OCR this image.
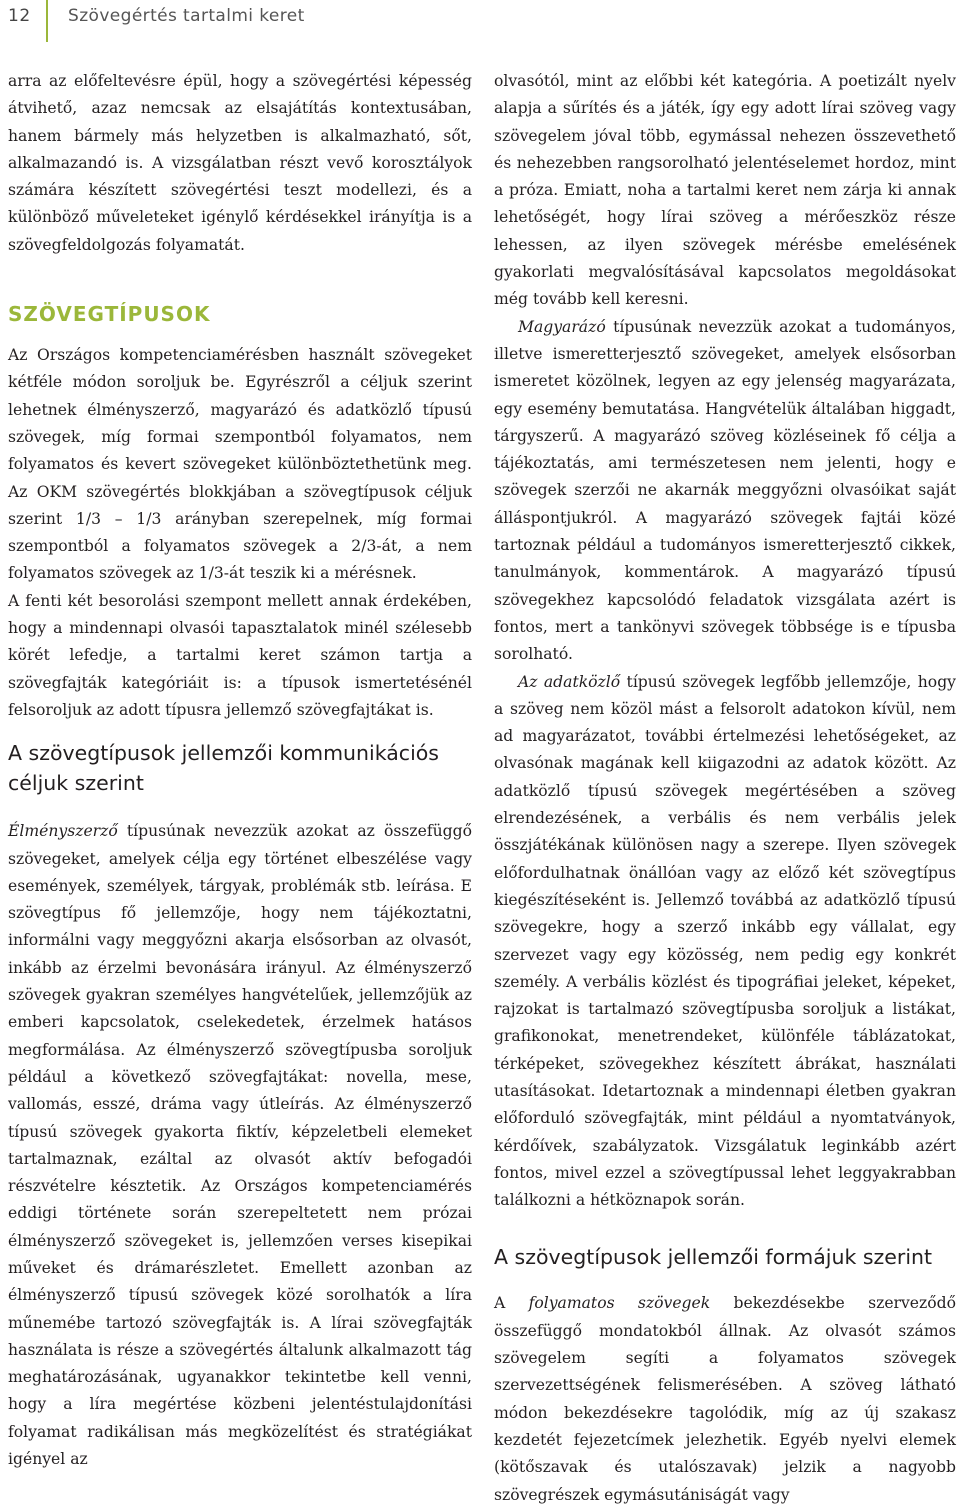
12 Szövegértés tartalmi keret

arra az előfeltevésre épül, hogy a szövegértési képesség átvihető, azaz nemcsak az elsajátítás kontextusában, hanem bármely más helyzetben is alkalmazható, sőt, alkalmazandó is. A vizsgálatban részt vevő korosztályok számára készített szövegértési teszt modellezi, és a különböző műveleteket igénylő kérdésekkel irányítja is a szövegfeldolgozás folyamatát.

SZÖVEGTÍPUSOK

Az Országos kompetenciamérésben használt szövegeket kétféle módon soroljuk be. Egyrészről a céljuk szerint lehetnek élményszerző, magyarázó és adatközlő típusú szövegek, míg formai szempontból folyamatos, nem folyamatos és kevert szövegeket különböztethetünk meg. Az OKM szövegértés blokkjában a szövegtípusok céljuk szerint 1/3 – 1/3 arányban szerepelnek, míg formai szempontból a folyamatos szövegek a 2/3-át, a nem folyamatos szövegek az 1/3-át teszik ki a mérésnek.

A fenti két besorolási szempont mellett annak érdekében, hogy a mindennapi olvasói tapasztalatok minél szélesebb körét lefedje, a tartalmi keret számon tartja a szövegfajták kategóriáit is: a típusok ismertetésénél felsoroljuk az adott típusra jellemző szövegfajtákat is.

A szövegtípusok jellemzői kommunikációs céljuk szerint

Élményszerző típusúnak nevezzük azokat az összefüggő szövegeket, amelyek célja egy történet elbeszélése vagy események, személyek, tárgyak, problémák stb. leírása. E szövegtípus fő jellemzője, hogy nem tájékoztatni, informálni vagy meggyőzni akarja elsősorban az olvasót, inkább az érzelmi bevonására irányul. Az élményszerző szövegek gyakran személyes hangvételűek, jellemzőjük az emberi kapcsolatok, cselekedetek, érzelmek hatásos megformálása. Az élményszerző szövegtípusba soroljuk például a következő szövegfajtákat: novella, mese, vallomás, esszé, dráma vagy útleírás. Az élményszerző típusú szövegek gyakorta fiktív, képzeletbeli elemeket tartalmaznak, ezáltal az olvasót aktív befogadói részvételre késztetik. Az Országos kompetenciamérés eddigi története során szerepeltetett nem prózai élményszerző szövegeket is, jellemzően verses kisepikai műveket és drámarészletet. Emellett azonban az élményszerző típusú szövegek közé sorolhatók a líra műnemébe tartozó szövegfajták is. A lírai szövegfajták használata is része a szövegértés általunk alkalmazott tág meghatározásának, ugyanakkor tekintetbe kell venni, hogy a líra megértése közbeni jelentéstulajdonítási folyamat radikálisan más megközelítést és stratégiákat igényel az

olvasótól, mint az előbbi két kategória. A poetizált nyelv alapja a sűrítés és a játék, így egy adott lírai szöveg vagy szövegelem jóval több, egymással nehezen összevethető és nehezebben rangsorolható jelentéselemet hordoz, mint a próza. Emiatt, noha a tartalmi keret nem zárja ki annak lehetőségét, hogy lírai szöveg a mérőeszköz része lehessen, az ilyen szövegek mérésbe emelésének gyakorlati megvalósításával kapcsolatos megoldásokat még tovább kell keresni.

Magyarázó típusúnak nevezzük azokat a tudományos, illetve ismeretterjesztő szövegeket, amelyek elsősorban ismeretet közölnek, legyen az egy jelenség magyarázata, egy esemény bemutatása. Hangvételük általában higgadt, tárgyszerű. A magyarázó szöveg közléseinek fő célja a tájékoztatás, ami természetesen nem jelenti, hogy e szövegek szerzői ne akarnák meggyőzni olvasóikat saját álláspontjukról. A magyarázó szövegek fajtái közé tartoznak például a tudományos ismeretterjesztő cikkek, tanulmányok, kommentárok. A magyarázó típusú szövegekhez kapcsolódó feladatok vizsgálata azért is fontos, mert a tankönyvi szövegek többsége is e típusba sorolható.

Az adatközlő típusú szövegek legfőbb jellemzője, hogy a szöveg nem közöl mást a felsorolt adatokon kívül, nem ad magyarázatot, további értelmezési lehetőségeket, az olvasónak magának kell kiigazodni az adatok között. Az adatközlő típusú szövegek megértésében a szöveg elrendezésének, a verbális és nem verbális jelek összjátékának különösen nagy a szerepe. Ilyen szövegek előfordulhatnak önállóan vagy az előző két szövegtípus kiegészítéseként is. Jellemző továbbá az adatközlő típusú szövegekre, hogy a szerző inkább egy vállalat, egy szervezet vagy egy közösség, nem pedig egy konkrét személy. A verbális közlést és tipográfiai jeleket, képeket, rajzokat is tartalmazó szövegtípusba soroljuk a listákat, grafikonokat, menetrendeket, különféle táblázatokat, térképeket, szövegekhez készített ábrákat, használati utasításokat. Idetartoznak a mindennapi életben gyakran előforduló szövegfajták, mint például a nyomtatványok, kérdőívek, szabályzatok. Vizsgálatuk leginkább azért fontos, mivel ezzel a szövegtípussal lehet leggyakrabban találkozni a hétköznapok során.

A szövegtípusok jellemzői formájuk szerint

A folyamatos szövegek bekezdésekbe szerveződő összefüggő mondatokból állnak. Az olvasót számos szövegelem segíti a folyamatos szövegek szervezettségének felismerésében. A szöveg látható módon bekezdésekre tagolódik, míg az új szakasz kezdetét fejezetcímek jelezhetik. Egyéb nyelvi elemek (kötőszavak és utalószavak) jelzik a nagyobb szövegrészek egymásutániságát vagy
